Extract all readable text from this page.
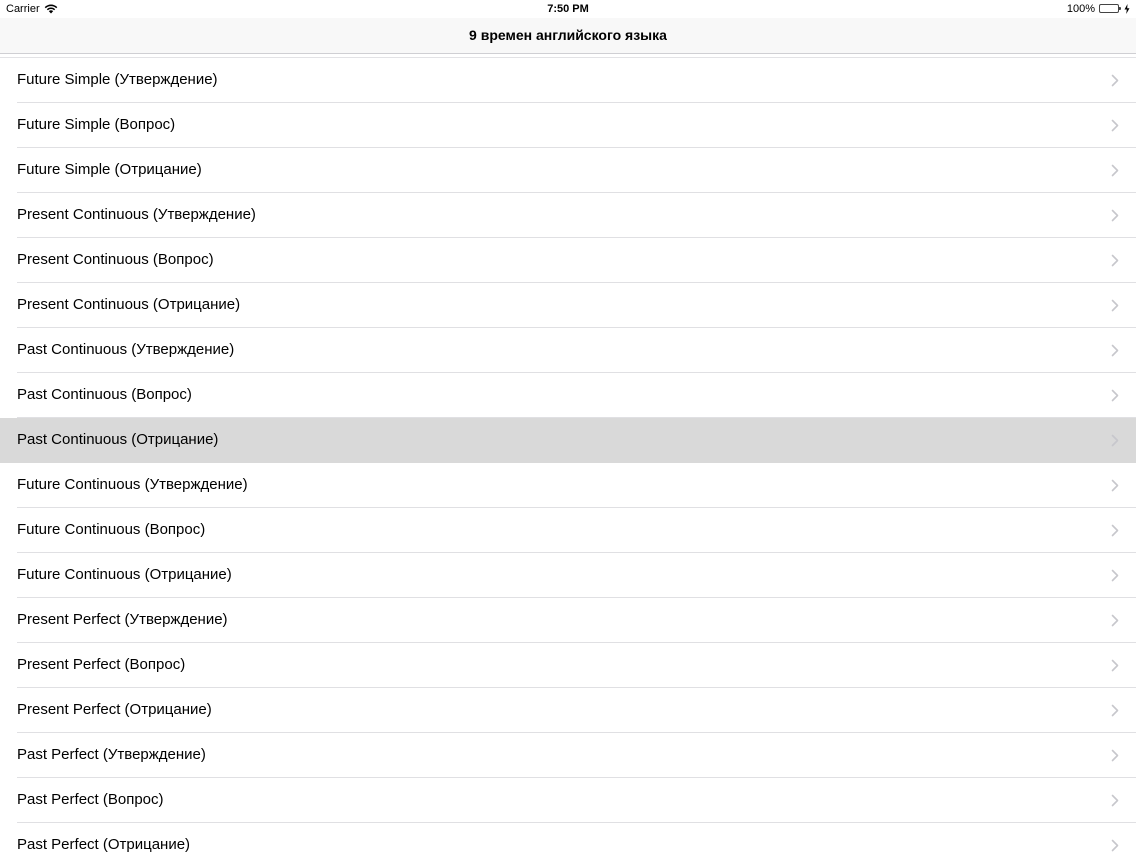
Carrier	7:50 PM	100%
9 времен английского языка
Future Simple (Утверждение)
Future Simple (Вопрос)
Future Simple (Отрицание)
Present Continuous (Утверждение)
Present Continuous (Вопрос)
Present Continuous (Отрицание)
Past Continuous (Утверждение)
Past Continuous (Вопрос)
Past Continuous (Отрицание)
Future Continuous (Утверждение)
Future Continuous (Вопрос)
Future Continuous (Отрицание)
Present Perfect (Утверждение)
Present Perfect (Вопрос)
Present Perfect (Отрицание)
Past Perfect (Утверждение)
Past Perfect (Вопрос)
Past Perfect (Отрицание)
